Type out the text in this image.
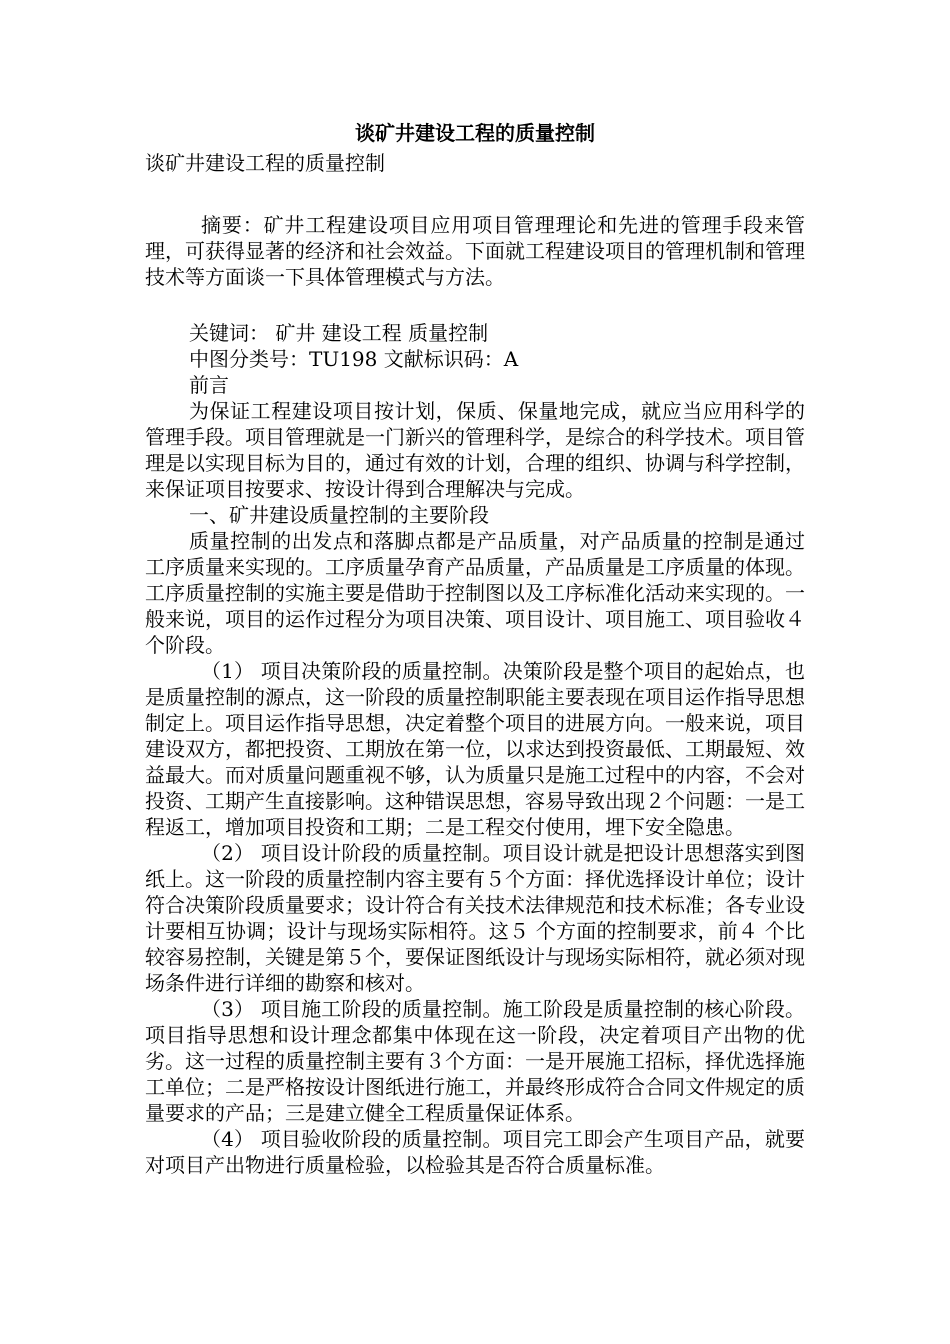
谈矿井建设工程的质量控制
谈矿井建设工程的质量控制

摘要：矿井工程建设项目应用项目管理理论和先进的管理手段来管理，可获得显著的经济和社会效益。下面就工程建设项目的管理机制和管理技术等方面谈一下具体管理模式与方法。

关键词： 矿井 建设工程 质量控制

中图分类号：TU198 文献标识码：A

前言

为保证工程建设项目按计划，保质、保量地完成，就应当应用科学的管理手段。项目管理就是一门新兴的管理科学，是综合的科学技术。项目管理是以实现目标为目的，通过有效的计划，合理的组织、协调与科学控制，来保证项目按要求、按设计得到合理解决与完成。

一、矿井建设质量控制的主要阶段

质量控制的出发点和落脚点都是产品质量，对产品质量的控制是通过工序质量来实现的。工序质量孕育产品质量，产品质量是工序质量的体现。工序质量控制的实施主要是借助于控制图以及工序标准化活动来实现的。一般来说，项目的运作过程分为项目决策、项目设计、项目施工、项目验收４个阶段。

（1） 项目决策阶段的质量控制。决策阶段是整个项目的起始点，也是质量控制的源点，这一阶段的质量控制职能主要表现在项目运作指导思想制定上。项目运作指导思想，决定着整个项目的进展方向。一般来说，项目建设双方，都把投资、工期放在第一位，以求达到投资最低、工期最短、效益最大。而对质量问题重视不够，认为质量只是施工过程中的内容，不会对投资、工期产生直接影响。这种错误思想，容易导致出现２个问题：一是工程返工，增加项目投资和工期；二是工程交付使用，埋下安全隐患。

（2） 项目设计阶段的质量控制。项目设计就是把设计思想落实到图纸上。这一阶段的质量控制内容主要有５个方面：择优选择设计单位；设计符合决策阶段质量要求；设计符合有关技术法律规范和技术标准；各专业设计要相互协调；设计与现场实际相符。这５ 个方面的控制要求，前４ 个比较容易控制，关键是第５个，要保证图纸设计与现场实际相符，就必须对现场条件进行详细的勘察和核对。

（3） 项目施工阶段的质量控制。施工阶段是质量控制的核心阶段。项目指导思想和设计理念都集中体现在这一阶段，决定着项目产出物的优劣。这一过程的质量控制主要有３个方面：一是开展施工招标，择优选择施工单位；二是严格按设计图纸进行施工，并最终形成符合合同文件规定的质量要求的产品；三是建立健全工程质量保证体系。

（4） 项目验收阶段的质量控制。项目完工即会产生项目产品，就要对项目产出物进行质量检验，以检验其是否符合质量标准。
